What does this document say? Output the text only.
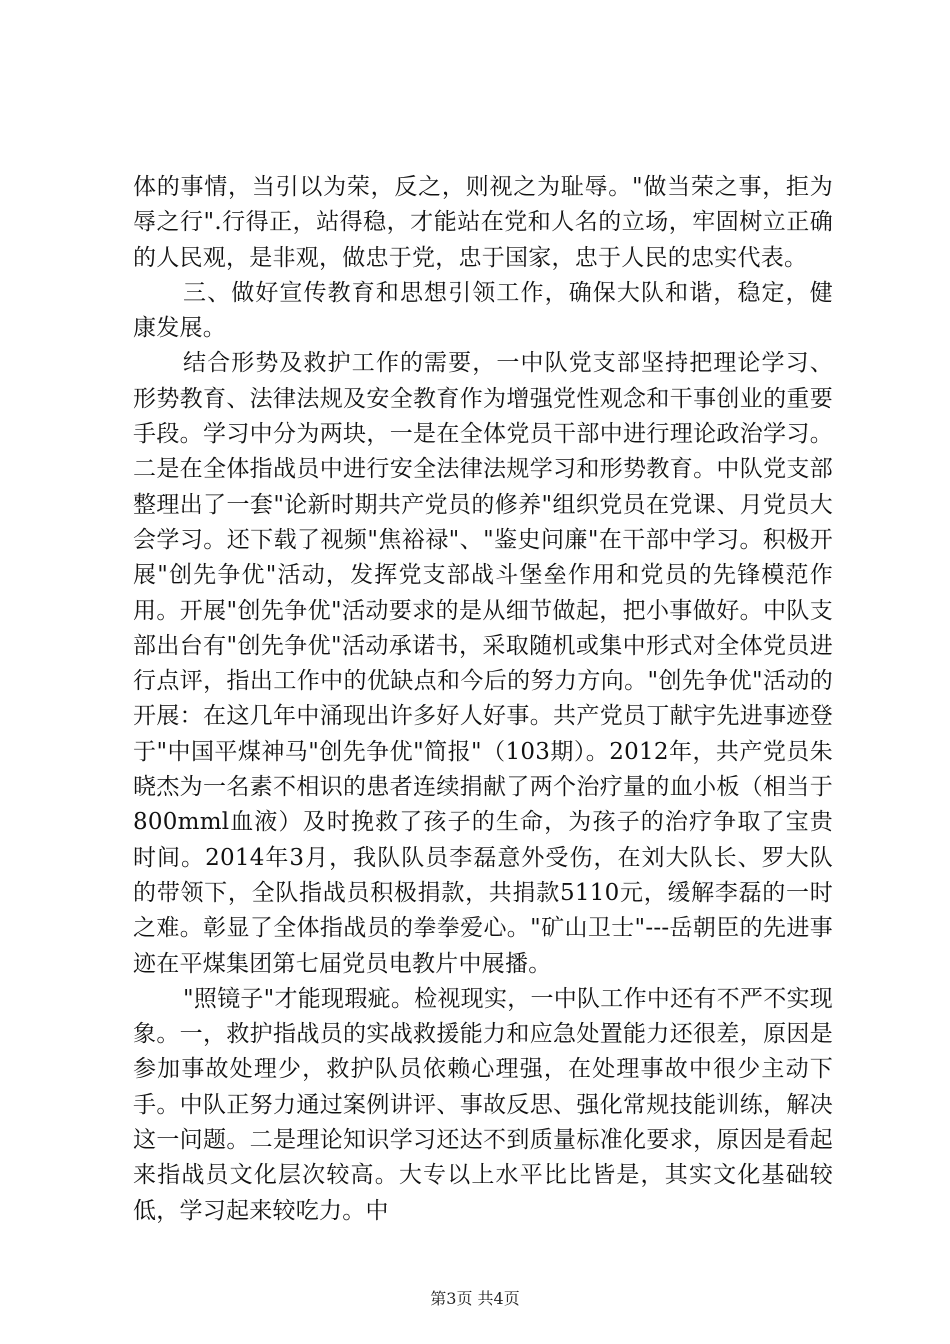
体的事情，当引以为荣，反之，则视之为耻辱。"做当荣之事，拒为辱之行".行得正，站得稳，才能站在党和人名的立场，牢固树立正确的人民观，是非观，做忠于党，忠于国家，忠于人民的忠实代表。

三、做好宣传教育和思想引领工作，确保大队和谐，稳定，健康发展。

结合形势及救护工作的需要，一中队党支部坚持把理论学习、形势教育、法律法规及安全教育作为增强党性观念和干事创业的重要手段。学习中分为两块，一是在全体党员干部中进行理论政治学习。二是在全体指战员中进行安全法律法规学习和形势教育。中队党支部整理出了一套"论新时期共产党员的修养"组织党员在党课、月党员大会学习。还下载了视频"焦裕禄"、"鉴史问廉"在干部中学习。积极开展"创先争优"活动，发挥党支部战斗堡垒作用和党员的先锋模范作用。开展"创先争优"活动要求的是从细节做起，把小事做好。中队支部出台有"创先争优"活动承诺书，采取随机或集中形式对全体党员进行点评，指出工作中的优缺点和今后的努力方向。"创先争优"活动的开展：在这几年中涌现出许多好人好事。共产党员丁献宇先进事迹登于"中国平煤神马"创先争优"简报"（103期）。2012年，共产党员朱晓杰为一名素不相识的患者连续捐献了两个治疗量的血小板（相当于800mml血液）及时挽救了孩子的生命，为孩子的治疗争取了宝贵时间。2014年3月，我队队员李磊意外受伤，在刘大队长、罗大队的带领下，全队指战员积极捐款，共捐款5110元，缓解李磊的一时之难。彰显了全体指战员的拳拳爱心。"矿山卫士"---岳朝臣的先进事迹在平煤集团第七届党员电教片中展播。

"照镜子"才能现瑕疵。检视现实，一中队工作中还有不严不实现象。一，救护指战员的实战救援能力和应急处置能力还很差，原因是参加事故处理少，救护队员依赖心理强，在处理事故中很少主动下手。中队正努力通过案例讲评、事故反思、强化常规技能训练，解决这一问题。二是理论知识学习还达不到质量标准化要求，原因是看起来指战员文化层次较高。大专以上水平比比皆是，其实文化基础较低，学习起来较吃力。中

第3页 共4页
